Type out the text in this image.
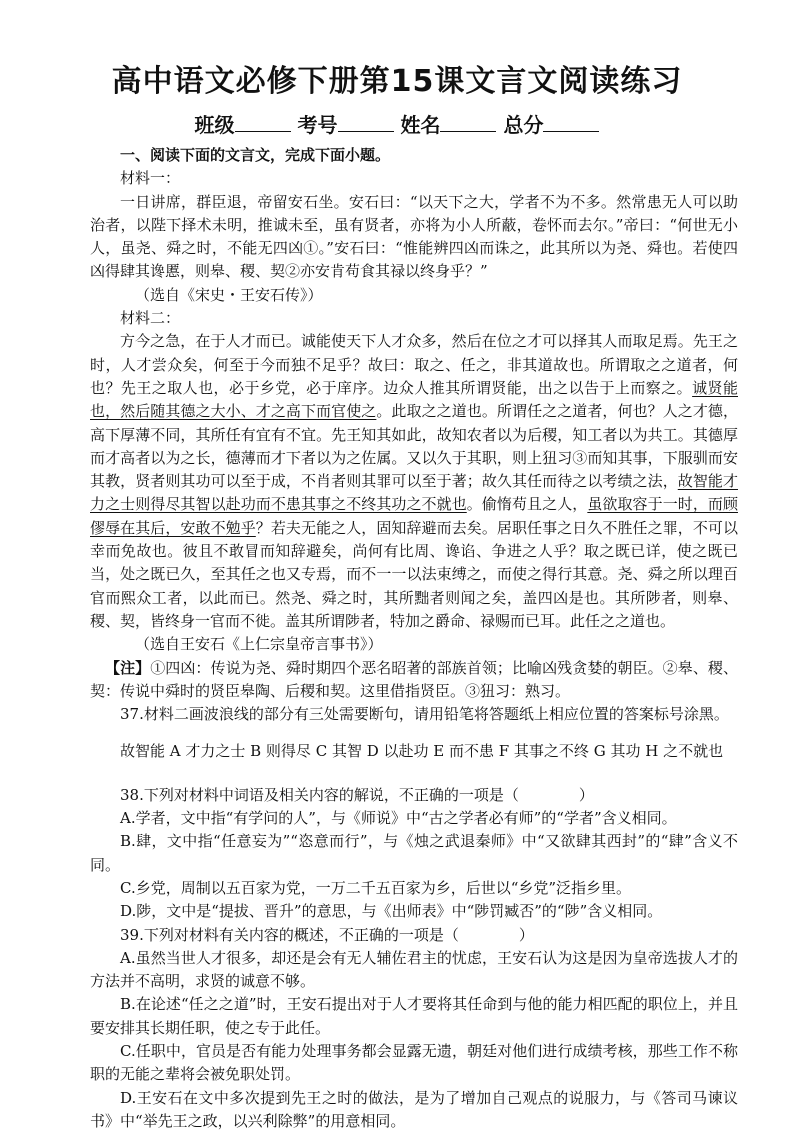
高中语文必修下册第15课文言文阅读练习
班级	考号	姓名	总分

一、阅读下面的文言文，完成下面小题。

材料一：

一日讲席，群臣退，帝留安石坐。安石曰：“以天下之大，学者不为不多。然常患无人可以助治者，以陛下择术未明，推诚未至，虽有贤者，亦将为小人所蔽，卷怀而去尔。”帝曰：“何世无小人，虽尧、舜之时，不能无四凶①。”安石曰：“惟能辨四凶而诛之，此其所以为尧、舜也。若使四凶得肆其谗慝，则皋、稷、契②亦安肯苟食其禄以终身乎？”

（选自《宋史・王安石传》）

材料二：

方今之急，在于人才而已。诚能使天下人才众多，然后在位之才可以择其人而取足焉。先王之时，人才尝众矣，何至于今而独不足乎？故曰：取之、任之，非其道故也。所谓取之之道者，何也？先王之取人也，必于乡党，必于庠序。边众人推其所谓贤能，出之以告于上而察之。诚贤能也，然后随其德之大小、才之高下而官使之。此取之之道也。所谓任之之道者，何也？人之才德，高下厚薄不同，其所任有宜有不宜。先王知其如此，故知农者以为后稷，知工者以为共工。其德厚而才高者以为之长，德薄而才下者以为之佐属。又以久于其职，则上狃习③而知其事，下服驯而安其教，贤者则其功可以至于成，不肖者则其罪可以至于著；故久其任而待之以考绩之法，故智能才力之士则得尽其智以赴功而不患其事之不终其功之不就也。偷惰苟且之人，虽欲取容于一时，而顾僇辱在其后，安敢不勉乎？若夫无能之人，固知辞避而去矣。居职任事之日久不胜任之罪，不可以幸而免故也。彼且不敢冒而知辞避矣，尚何有比周、谗谄、争进之人乎？取之既已详，使之既已当，处之既已久，至其任之也又专焉，而不一一以法束缚之，而使之得行其意。尧、舜之所以理百官而熙众工者，以此而已。然尧、舜之时，其所黜者则闻之矣，盖四凶是也。其所陟者，则皋、稷、契，皆终身一官而不徙。盖其所谓陟者，特加之爵命、禄赐而已耳。此任之之道也。

（选自王安石《上仁宗皇帝言事书》）

【注】①四凶：传说为尧、舜时期四个恶名昭著的部族首领；比喻凶残贪婪的朝臣。②皋、稷、契：传说中舜时的贤臣皋陶、后稷和契。这里借指贤臣。③狃习：熟习。

37.材料二画波浪线的部分有三处需要断句，请用铅笔将答题纸上相应位置的答案标号涂黑。

故智能 A 才力之士 B 则得尽 C 其智 D 以赴功 E 而不患 F 其事之不终 G 其功 H 之不就也

38.下列对材料中词语及相关内容的解说，不正确的一项是（　　　　）

A.学者，文中指“有学问的人”，与《师说》中“古之学者必有师”的“学者”含义相同。

B.肆，文中指“任意妄为”“恣意而行”，与《烛之武退秦师》中“又欲肆其西封”的“肆”含义不同。

C.乡党，周制以五百家为党，一万二千五百家为乡，后世以“乡党”泛指乡里。

D.陟，文中是“提拔、晋升”的意思，与《出师表》中“陟罚臧否”的“陟”含义相同。

39.下列对材料有关内容的概述，不正确的一项是（　　　　）

A.虽然当世人才很多，却还是会有无人辅佐君主的忧虑，王安石认为这是因为皇帝选拔人才的方法并不高明，求贤的诚意不够。

B.在论述“任之之道”时，王安石提出对于人才要将其任命到与他的能力相匹配的职位上，并且要安排其长期任职，使之专于此任。

C.任职中，官员是否有能力处理事务都会显露无遗，朝廷对他们进行成绩考核，那些工作不称职的无能之辈将会被免职处罚。

D.王安石在文中多次提到先王之时的做法，是为了增加自己观点的说服力，与《答司马谏议书》中“举先王之政，以兴利除弊”的用意相同。
